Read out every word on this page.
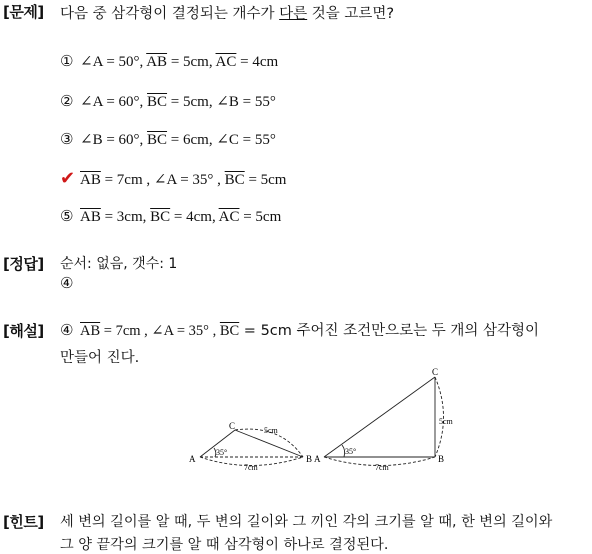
[문제] 다음 중 삼각형이 결정되는 개수가 다른 것을 고르면?
① ∠A = 50°, $\overline{AB} = 5cm$, $\overline{AC} = 4cm$
② ∠A = 60°, $\overline{BC} = 5cm$, ∠B = 55°
③ ∠B = 60°, $\overline{BC} = 6cm$, ∠C = 55°
✔ $\overline{AB} = 7cm$ , ∠A = 35° , $\overline{BC} = 5cm$
⑤ $\overline{AB} = 3cm$, $\overline{BC} = 4cm$, $\overline{AC} = 5cm$
[정답] 순서: 없음, 갯수: 1
④
[해설] ④ $\overline{AB} = 7cm$ , ∠A = 35° , $\overline{BC} = 5cm$ 주어진 조건만으로는 두 개의 삼각형이
만들어 진다.
A	B
C
35°
5cm
7cm
A	B
C
35°
5cm
7cm
[힌트] 세 변의 길이를 알 때, 두 변의 길이와 그 끼인 각의 크기를 알 때, 한 변의 길이와
그 양 끝각의 크기를 알 때 삼각형이 하나로 결정된다.
